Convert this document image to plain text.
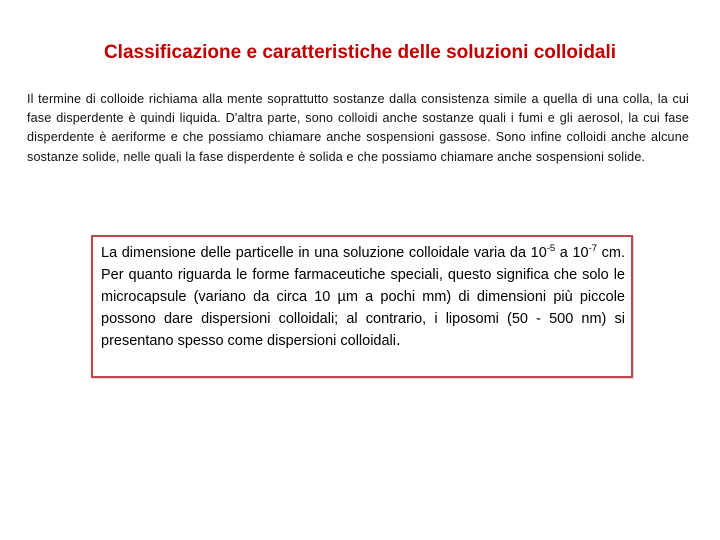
Classificazione e caratteristiche delle soluzioni colloidali

Il termine di colloide richiama alla mente soprattutto sostanze dalla consistenza simile a quella di una colla, la cui fase disperdente è quindi liquida. D'altra parte, sono colloidi anche sostanze quali i fumi e gli aerosol, la cui fase disperdente è aeriforme e che possiamo chiamare anche sospensioni gassose. Sono infine colloidi anche alcune sostanze solide, nelle quali la fase disperdente è solida e che possiamo chiamare anche sospensioni solide.

La dimensione delle particelle in una soluzione colloidale varia da $10^{-5}$ a $10^{-7}$ cm. Per quanto riguarda le forme farmaceutiche speciali, questo significa che solo le microcapsule (variano da circa 10 µm a pochi mm) di dimensioni più piccole possono dare dispersioni colloidali; al contrario, i liposomi (50 - 500 nm) si presentano spesso come dispersioni colloidali.
